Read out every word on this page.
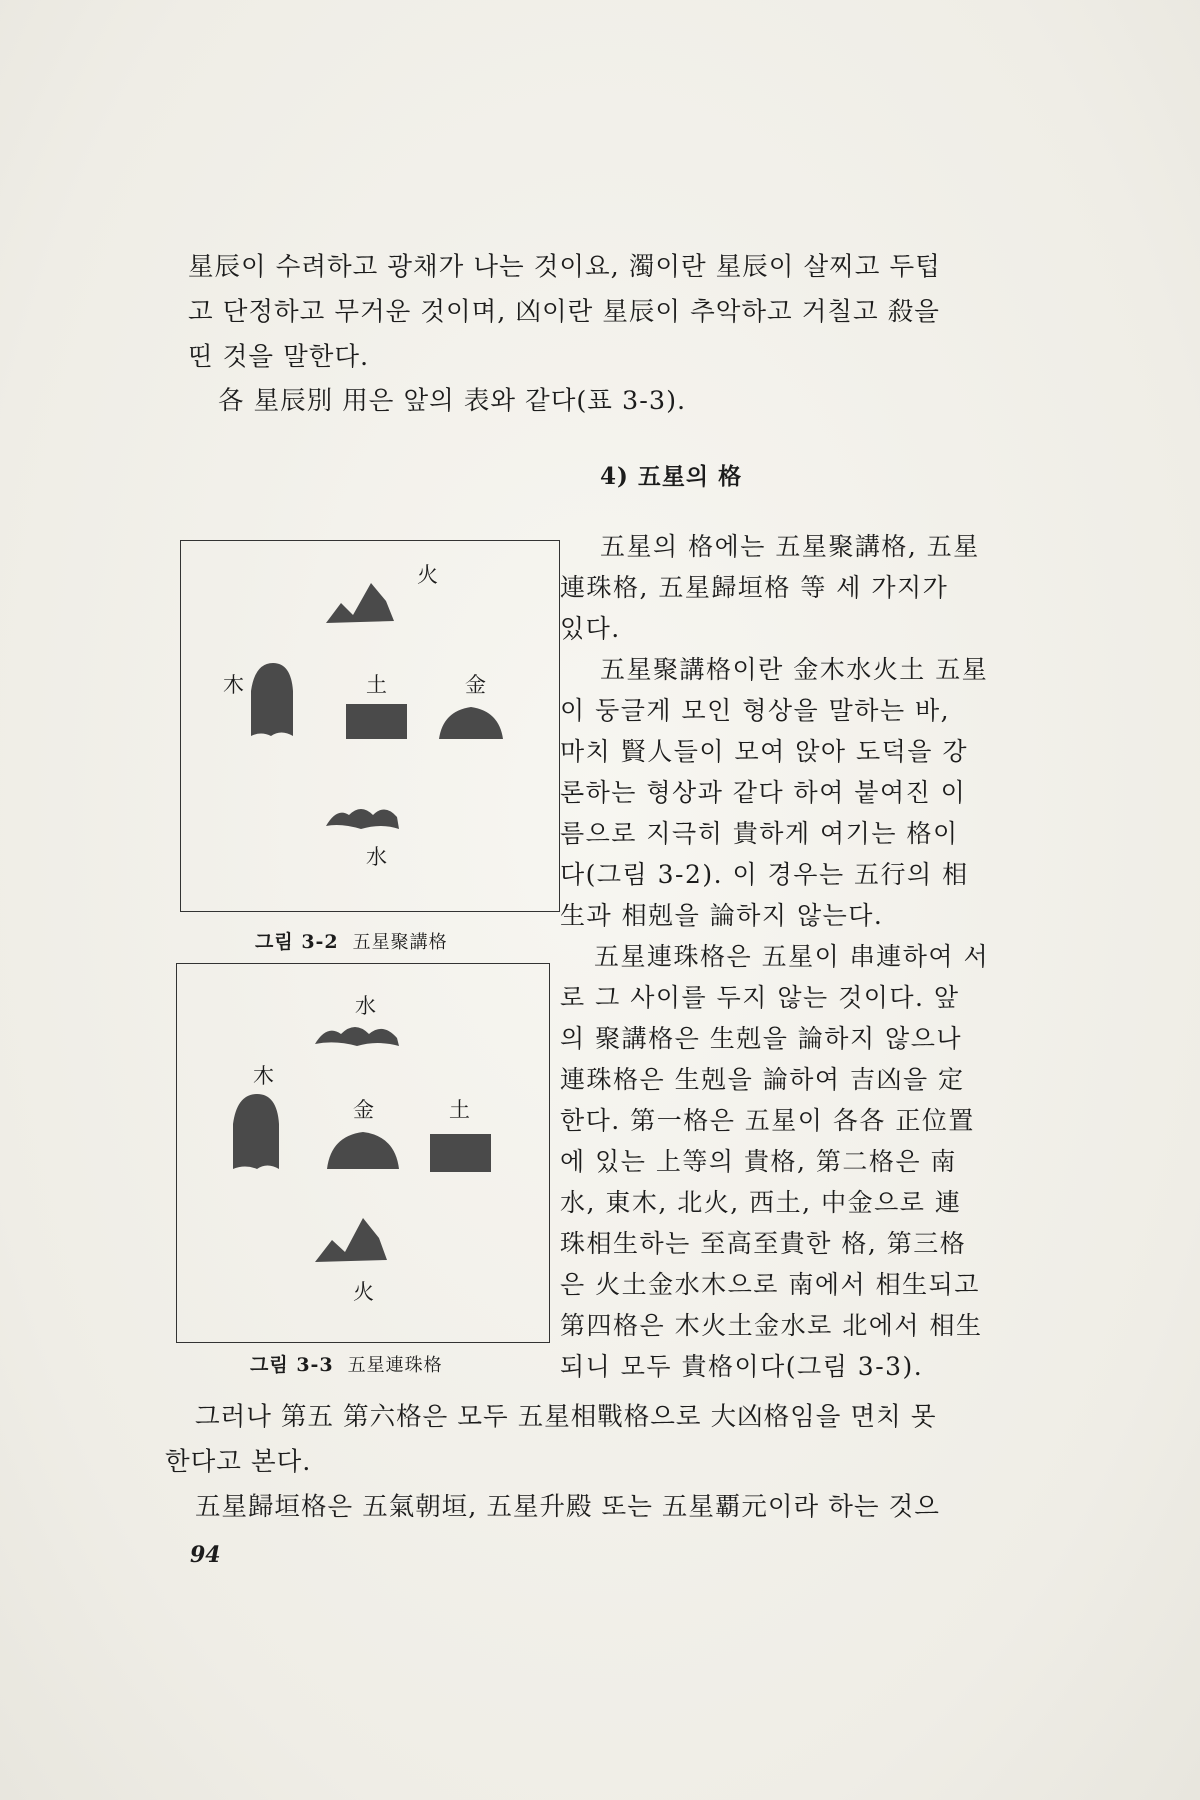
星辰이 수려하고 광채가 나는 것이요, 濁이란 星辰이 살찌고 두텁
고 단정하고 무거운 것이며, 凶이란 星辰이 추악하고 거칠고 殺을
띤 것을 말한다.
各 星辰別 用은 앞의 表와 같다(표 3-3).
4) 五星의 格
五星의 格에는 五星聚講格, 五星
連珠格, 五星歸垣格 等 세 가지가
있다.
五星聚講格이란 金木水火土 五星
이 둥글게 모인 형상을 말하는 바,
마치 賢人들이 모여 앉아 도덕을 강
론하는 형상과 같다 하여 붙여진 이
름으로 지극히 貴하게 여기는 格이
다(그림 3-2). 이 경우는 五行의 相
生과 相剋을 論하지 않는다.
五星連珠格은 五星이 串連하여 서
로 그 사이를 두지 않는 것이다. 앞
의 聚講格은 生剋을 論하지 않으나
連珠格은 生剋을 論하여 吉凶을 定
한다. 第一格은 五星이 各各 正位置
에 있는 上等의 貴格, 第二格은 南
水, 東木, 北火, 西土, 中金으로 連
珠相生하는 至高至貴한 格, 第三格
은 火土金水木으로 南에서 相生되고
第四格은 木火土金水로 北에서 相生
되니 모두 貴格이다(그림 3-3).
火
木	土	金
水
그림 3-2 五星聚講格
水
木
金	土
火
그림 3-3 五星連珠格
그러나 第五 第六格은 모두 五星相戰格으로 大凶格임을 면치 못
한다고 본다.
五星歸垣格은 五氣朝垣, 五星升殿 또는 五星覇元이라 하는 것으
94
